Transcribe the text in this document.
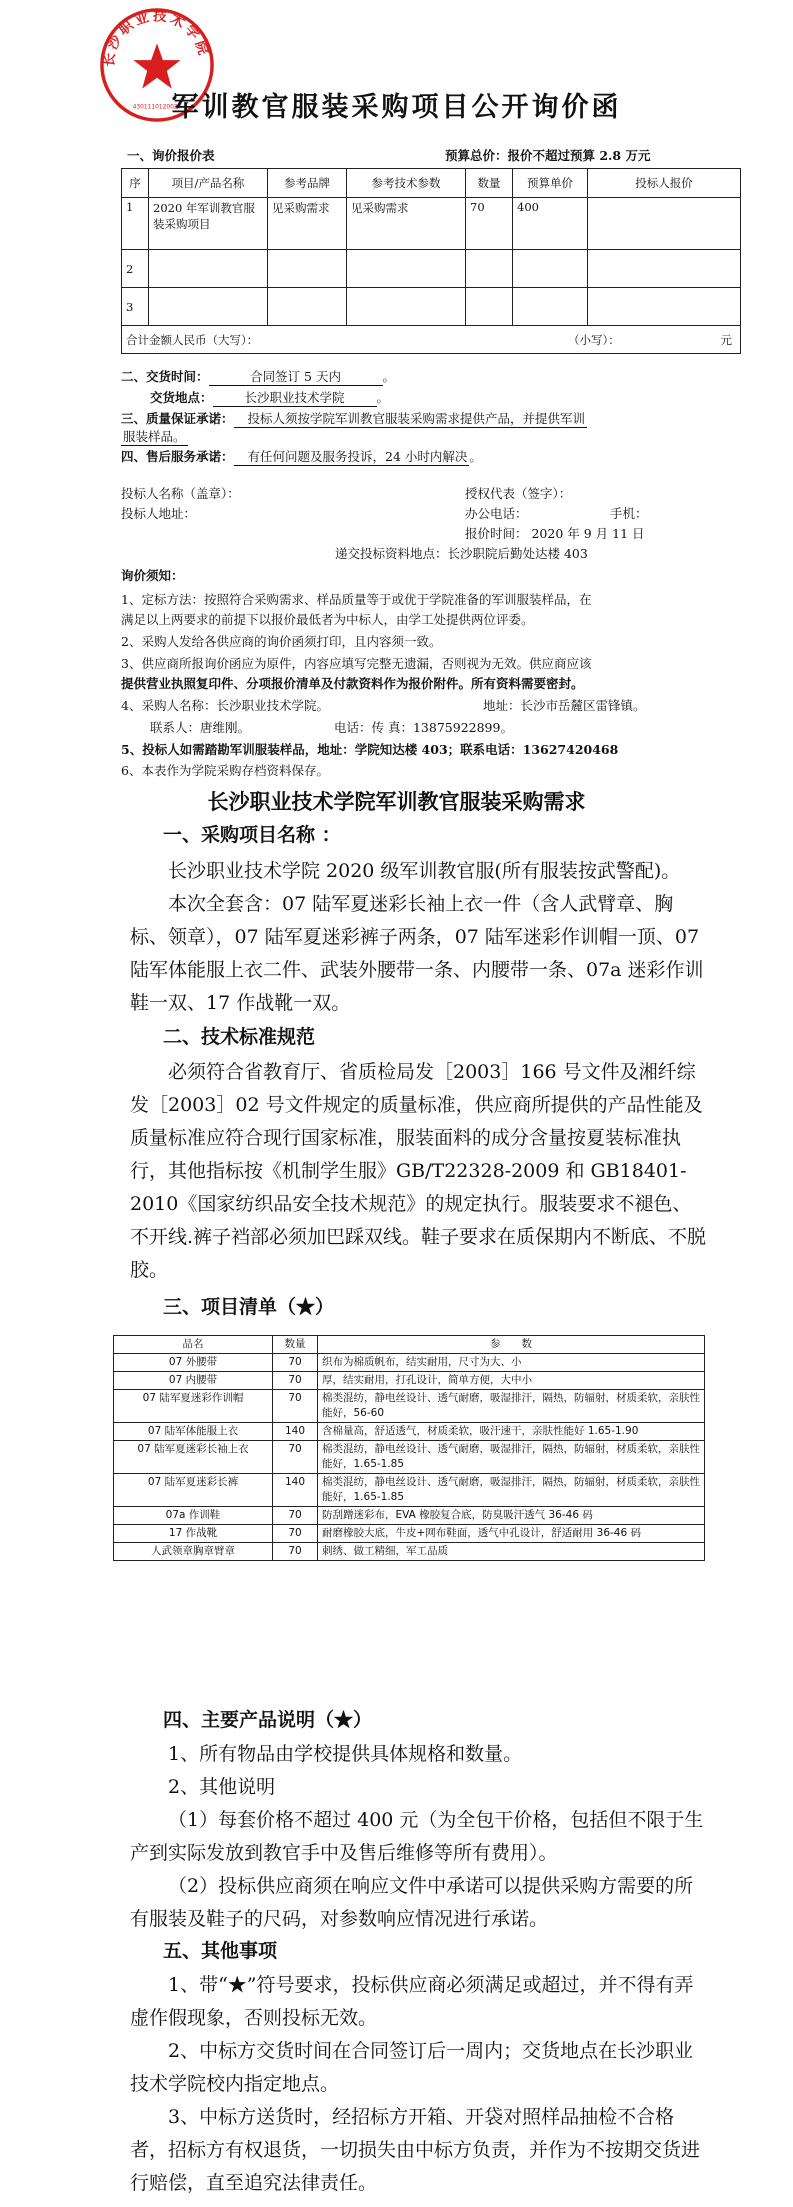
长沙职业技术学院
4301110120020
军训教官服装采购项目公开询价函
一、询价报价表	预算总价：报价不超过预算 2.8 万元
序	项目/产品名称	参考品牌	参考技术参数	数量	预算单价	投标人报价
1	2020 年军训教官服装采购项目	见采购需求	见采购需求	70	400	
2						
3						
合计金额人民币（大写）： （小写）： 元						
二、交货时间：	合同签订 5 天内	。
交货地点：	长沙职业技术学院	。
三、质量保证承诺： 投标人须按学院军训教官服装采购需求提供产品，并提供军训
服装样品。
四、售后服务承诺： 有任何问题及服务投诉，24 小时内解决 。
投标人名称（盖章）：	授权代表（签字）：
投标人地址：	办公电话：	手机：
报价时间： 2020 年 9 月 11 日
递交投标资料地点：长沙职院后勤处达楼 403
询价须知：
1、定标方法：按照符合采购需求、样品质量等于或优于学院准备的军训服装样品，在
满足以上两要求的前提下以报价最低者为中标人，由学工处提供两位评委。
2、采购人发给各供应商的询价函须打印，且内容须一致。
3、供应商所报询价函应为原件，内容应填写完整无遗漏，否则视为无效。供应商应该
提供营业执照复印件、分项报价清单及付款资料作为报价附件。所有资料需要密封。
4、采购人名称：长沙职业技术学院。	地址：长沙市岳麓区雷锋镇。
联系人：唐维刚。	电话：传 真：13875922899。
5、投标人如需踏勘军训服装样品，地址：学院知达楼 403；联系电话：13627420468
6、本表作为学院采购存档资料保存。
长沙职业技术学院军训教官服装采购需求
一、采购项目名称 ：
长沙职业技术学院 2020 级军训教官服(所有服装按武警配)。
本次全套含：07 陆军夏迷彩长袖上衣一件（含人武臂章、胸标、领章），07 陆军夏迷彩裤子两条，07 陆军迷彩作训帽一顶、07 陆军体能服上衣二件、武装外腰带一条、内腰带一条、07a 迷彩作训鞋一双、17 作战靴一双。
二、技术标准规范
必须符合省教育厅、省质检局发［2003］166 号文件及湘纤综发［2003］02 号文件规定的质量标准，供应商所提供的产品性能及质量标准应符合现行国家标准，服装面料的成分含量按夏装标准执行，其他指标按《机制学生服》GB/T22328-2009 和 GB18401-2010《国家纺织品安全技术规范》的规定执行。服装要求不褪色、不开线.裤子裆部必须加巴踩双线。鞋子要求在质保期内不断底、不脱胶。
三、项目清单（★）
品名	数量	参　　数
07 外腰带	70	织布为棉质帆布，结实耐用，尺寸为大、小
07 内腰带	70	厚，结实耐用，打孔设计，简单方便，大中小
07 陆军夏迷彩作训帽	70	棉类混纺，静电丝设计、透气耐磨，吸湿排汗，隔热，防辐射，材质柔软，亲肤性能好，56-60
07 陆军体能服上衣	140	含棉量高，舒适透气，材质柔软，吸汗速干，亲肤性能好 1.65-1.90
07 陆军夏迷彩长袖上衣	70	棉类混纺，静电丝设计、透气耐磨，吸湿排汗，隔热，防辐射，材质柔软，亲肤性能好，1.65-1.85
07 陆军夏迷彩长裤	140	棉类混纺，静电丝设计、透气耐磨，吸湿排汗，隔热，防辐射，材质柔软，亲肤性能好，1.65-1.85
07a 作训鞋	70	防刮蹭迷彩布，EVA 橡胶复合底，防臭吸汗透气 36-46 码
17 作战靴	70	耐磨橡胶大底，牛皮+网布鞋面，透气中孔设计，舒适耐用 36-46 码
人武领章胸章臂章	70	刺绣、做工精细，军工品质
四、主要产品说明（★）
1、所有物品由学校提供具体规格和数量。
2、其他说明
（1）每套价格不超过 400 元（为全包干价格，包括但不限于生产到实际发放到教官手中及售后维修等所有费用）。
（2）投标供应商须在响应文件中承诺可以提供采购方需要的所有服装及鞋子的尺码，对参数响应情况进行承诺。
五、其他事项
1、带“★”符号要求，投标供应商必须满足或超过，并不得有弄虚作假现象，否则投标无效。
2、中标方交货时间在合同签订后一周内；交货地点在长沙职业技术学院校内指定地点。
3、中标方送货时，经招标方开箱、开袋对照样品抽检不合格者，招标方有权退货，一切损失由中标方负责，并作为不按期交货进行赔偿，直至追究法律责任。
